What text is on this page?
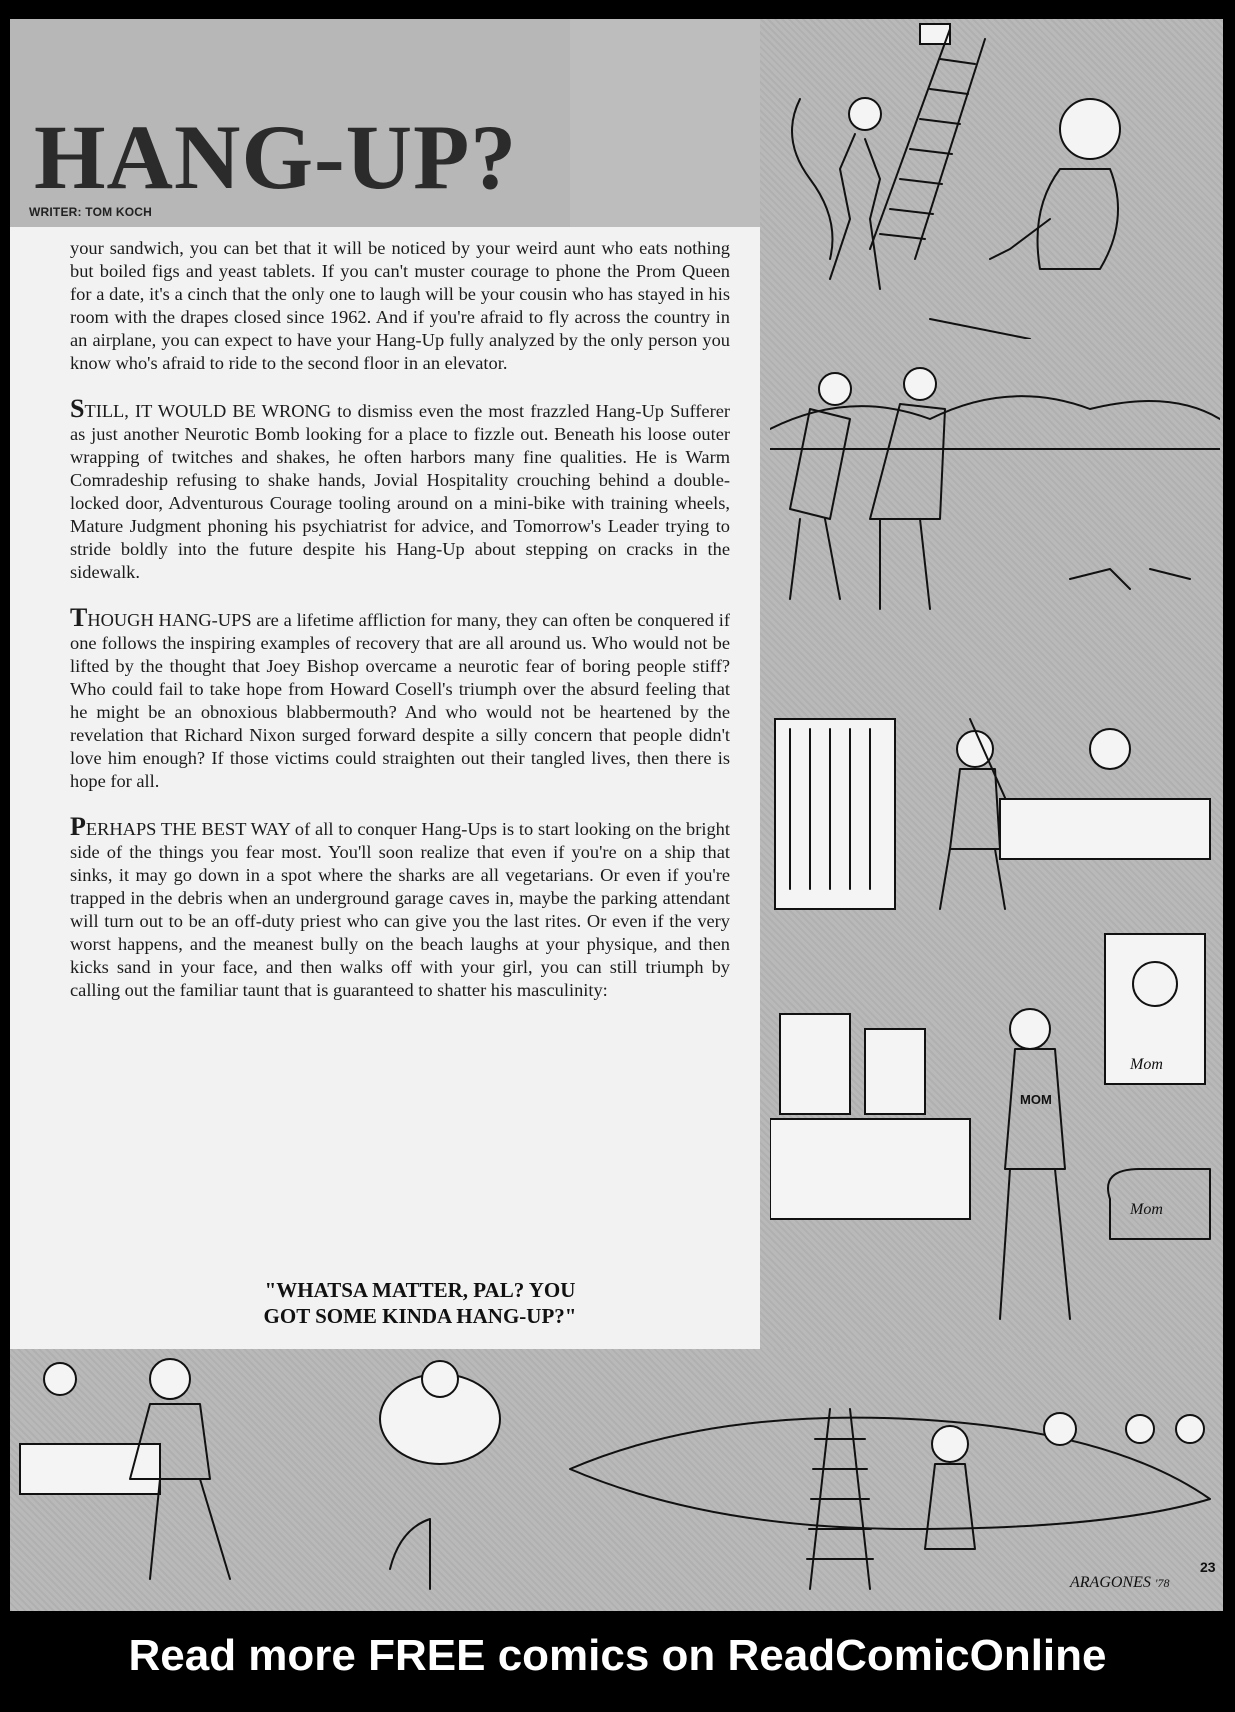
Mom
MOM
Mom
ARAGONES '78
23
HANG-UP?
WRITER: TOM KOCH

your sandwich, you can bet that it will be noticed by your weird aunt who eats nothing but boiled figs and yeast tablets. If you can't muster courage to phone the Prom Queen for a date, it's a cinch that the only one to laugh will be your cousin who has stayed in his room with the drapes closed since 1962. And if you're afraid to fly across the country in an airplane, you can expect to have your Hang-Up fully analyzed by the only person you know who's afraid to ride to the second floor in an elevator.

STILL, IT WOULD BE WRONG to dismiss even the most frazzled Hang-Up Sufferer as just another Neurotic Bomb looking for a place to fizzle out. Beneath his loose outer wrapping of twitches and shakes, he often harbors many fine qualities. He is Warm Comradeship refusing to shake hands, Jovial Hospitality crouching behind a double-locked door, Adventurous Courage tooling around on a mini-bike with training wheels, Mature Judgment phoning his psychiatrist for advice, and Tomorrow's Leader trying to stride boldly into the future despite his Hang-Up about stepping on cracks in the sidewalk.

THOUGH HANG-UPS are a lifetime affliction for many, they can often be conquered if one follows the inspiring examples of recovery that are all around us. Who would not be lifted by the thought that Joey Bishop overcame a neurotic fear of boring people stiff? Who could fail to take hope from Howard Cosell's triumph over the absurd feeling that he might be an obnoxious blabbermouth? And who would not be heartened by the revelation that Richard Nixon surged forward despite a silly concern that people didn't love him enough? If those victims could straighten out their tangled lives, then there is hope for all.

PERHAPS THE BEST WAY of all to conquer Hang-Ups is to start looking on the bright side of the things you fear most. You'll soon realize that even if you're on a ship that sinks, it may go down in a spot where the sharks are all vegetarians. Or even if you're trapped in the debris when an underground garage caves in, maybe the parking attendant will turn out to be an off-duty priest who can give you the last rites. Or even if the very worst happens, and the meanest bully on the beach laughs at your physique, and then kicks sand in your face, and then walks off with your girl, you can still triumph by calling out the familiar taunt that is guaranteed to shatter his masculinity:

"WHATSA MATTER, PAL? YOU
GOT SOME KINDA HANG-UP?"
Read more FREE comics on ReadComicOnline
